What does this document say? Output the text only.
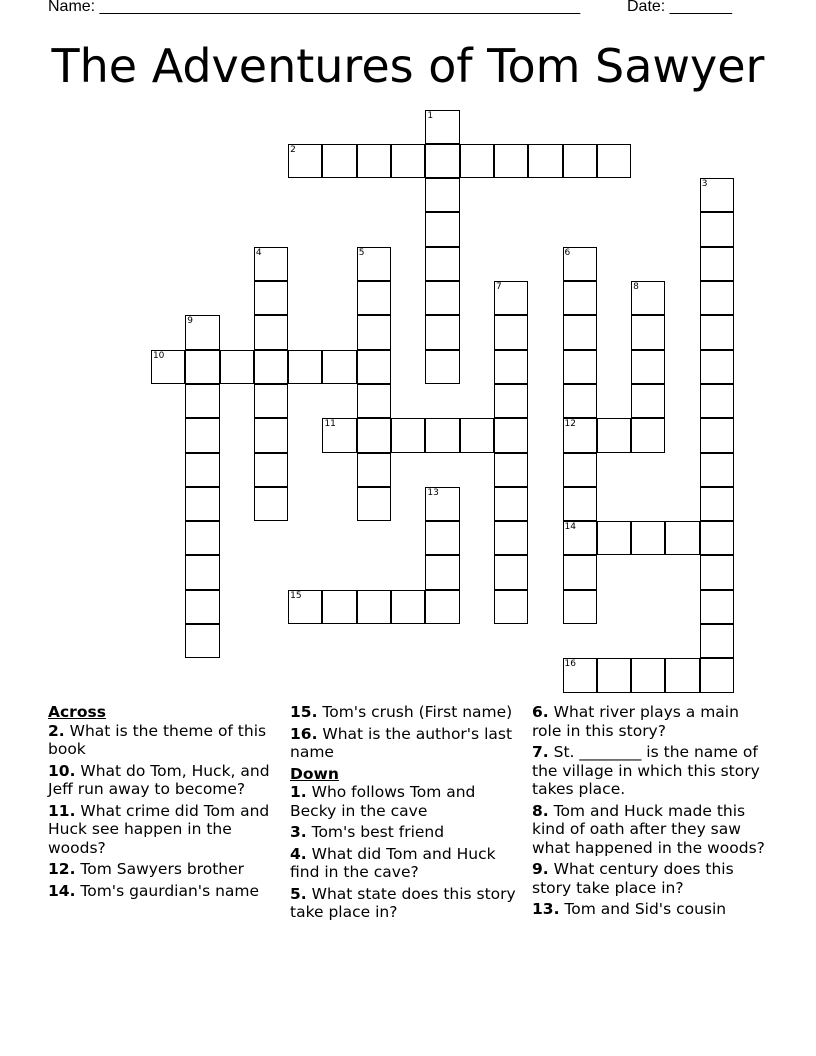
Name: ______________________________________________________	Date: _______
The Adventures of Tom Sawyer
1
2
3
4	5	6
7	8
9
10
11	12
13
14
15
16
Across
2. What is the theme of this book
10. What do Tom, Huck, and Jeff run away to become?
11. What crime did Tom and Huck see happen in the woods?
12. Tom Sawyers brother
14. Tom's gaurdian's name
15. Tom's crush (First name)
16. What is the author's last name
Down
1. Who follows Tom and Becky in the cave
3. Tom's best friend
4. What did Tom and Huck find in the cave?
5. What state does this story take place in?
6. What river plays a main role in this story?
7. St. ________ is the name of the village in which this story takes place.
8. Tom and Huck made this kind of oath after they saw what happened in the woods?
9. What century does this story take place in?
13. Tom and Sid's cousin
